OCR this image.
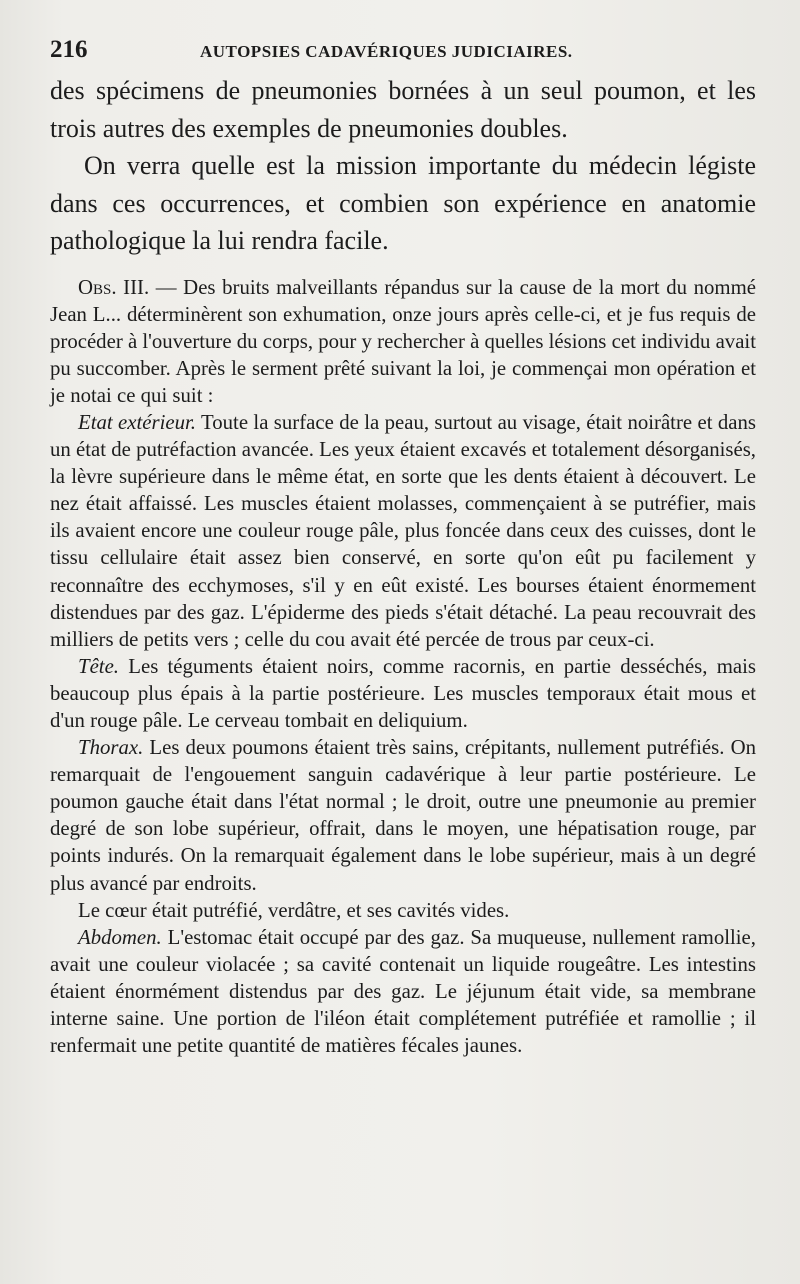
216	AUTOPSIES CADAVÉRIQUES JUDICIAIRES.

des spécimens de pneumonies bornées à un seul poumon, et les trois autres des exemples de pneumonies doubles.

On verra quelle est la mission importante du médecin légiste dans ces occurrences, et combien son expérience en anatomie pathologique la lui rendra facile.

Obs. III. — Des bruits malveillants répandus sur la cause de la mort du nommé Jean L... déterminèrent son exhumation, onze jours après celle-ci, et je fus requis de procéder à l'ouverture du corps, pour y rechercher à quelles lésions cet individu avait pu succomber. Après le serment prêté suivant la loi, je commençai mon opération et je notai ce qui suit :

Etat extérieur. Toute la surface de la peau, surtout au visage, était noirâtre et dans un état de putréfaction avancée. Les yeux étaient excavés et totalement désorganisés, la lèvre supérieure dans le même état, en sorte que les dents étaient à découvert. Le nez était affaissé. Les muscles étaient molasses, commençaient à se putréfier, mais ils avaient encore une couleur rouge pâle, plus foncée dans ceux des cuisses, dont le tissu cellulaire était assez bien conservé, en sorte qu'on eût pu facilement y reconnaître des ecchymoses, s'il y en eût existé. Les bourses étaient énormement distendues par des gaz. L'épiderme des pieds s'était détaché. La peau recouvrait des milliers de petits vers ; celle du cou avait été percée de trous par ceux-ci.

Tête. Les téguments étaient noirs, comme racornis, en partie desséchés, mais beaucoup plus épais à la partie postérieure. Les muscles temporaux était mous et d'un rouge pâle. Le cerveau tombait en deliquium.

Thorax. Les deux poumons étaient très sains, crépitants, nullement putréfiés. On remarquait de l'engouement sanguin cadavérique à leur partie postérieure. Le poumon gauche était dans l'état normal ; le droit, outre une pneumonie au premier degré de son lobe supérieur, offrait, dans le moyen, une hépatisation rouge, par points indurés. On la remarquait également dans le lobe supérieur, mais à un degré plus avancé par endroits.

Le cœur était putréfié, verdâtre, et ses cavités vides.

Abdomen. L'estomac était occupé par des gaz. Sa muqueuse, nullement ramollie, avait une couleur violacée ; sa cavité contenait un liquide rougeâtre. Les intestins étaient énormément distendus par des gaz. Le jéjunum était vide, sa membrane interne saine. Une portion de l'iléon était complétement putréfiée et ramollie ; il renfermait une petite quantité de matières fécales jaunes.
